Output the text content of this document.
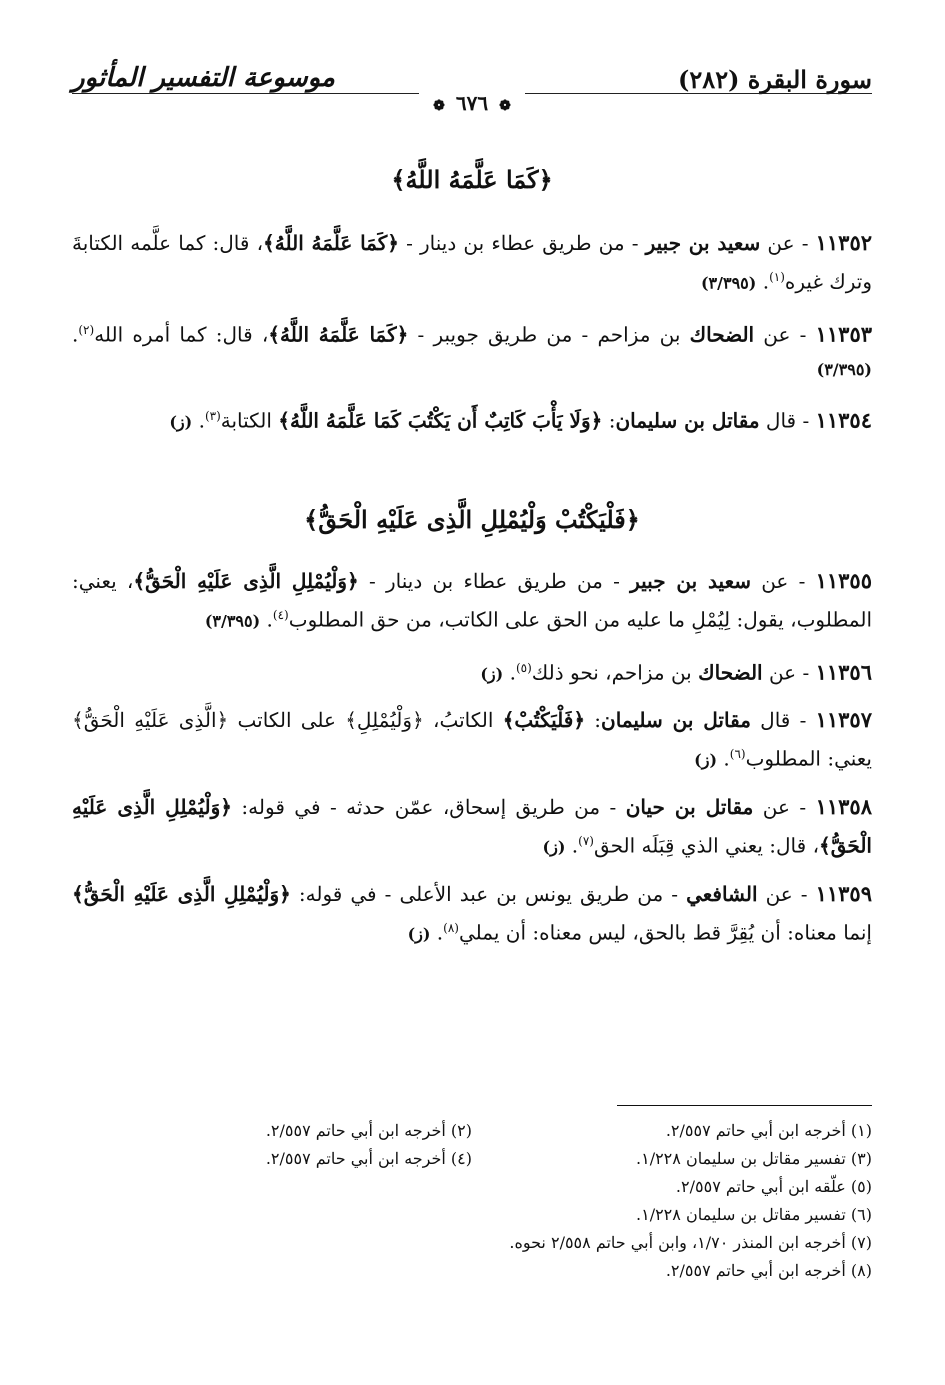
سورة البقرة (٢٨٢)
موسوعة التفسير المأثور
❁ ٦٧٦ ❁

﴿كَمَا عَلَّمَهُ اللَّهُ﴾

١١٣٥٢ - عن سعيد بن جبير - من طريق عطاء بن دينار - ﴿كَمَا عَلَّمَهُ اللَّهُ﴾، قال: كما علَّمه الكتابةَ وترك غيره$^{(١)}$. (٣/٣٩٥)

١١٣٥٣ - عن الضحاك بن مزاحم - من طريق جويبر - ﴿كَمَا عَلَّمَهُ اللَّهُ﴾، قال: كما أمره الله$^{(٢)}$. (٣/٣٩٥)

١١٣٥٤ - قال مقاتل بن سليمان: ﴿وَلَا يَأْبَ كَاتِبٌ أَن يَكْتُبَ كَمَا عَلَّمَهُ اللَّهُ﴾ الكتابة$^{(٣)}$. (ز)

﴿فَلْيَكْتُبْ وَلْيُمْلِلِ الَّذِى عَلَيْهِ الْحَقُّ﴾

١١٣٥٥ - عن سعيد بن جبير - من طريق عطاء بن دينار - ﴿وَلْيُمْلِلِ الَّذِى عَلَيْهِ الْحَقُّ﴾، يعني: المطلوب، يقول: لِيُمْلِ ما عليه من الحق على الكاتب، من حق المطلوب$^{(٤)}$. (٣/٣٩٥)

١١٣٥٦ - عن الضحاك بن مزاحم، نحو ذلك$^{(٥)}$. (ز)

١١٣٥٧ - قال مقاتل بن سليمان: ﴿فَلْيَكْتُبْ﴾ الكاتبُ، ﴿وَلْيُمْلِلِ﴾ على الكاتب ﴿الَّذِى عَلَيْهِ الْحَقُّ﴾ يعني: المطلوب$^{(٦)}$. (ز)

١١٣٥٨ - عن مقاتل بن حيان - من طريق إسحاق، عمّن حدثه - في قوله: ﴿وَلْيُمْلِلِ الَّذِى عَلَيْهِ الْحَقُّ﴾، قال: يعني الذي قِبَلَه الحق$^{(٧)}$. (ز)

١١٣٥٩ - عن الشافعي - من طريق يونس بن عبد الأعلى - في قوله: ﴿وَلْيُمْلِلِ الَّذِى عَلَيْهِ الْحَقُّ﴾ إنما معناه: أن يُقِرَّ قط بالحق، ليس معناه: أن يملي$^{(٨)}$. (ز)

(١) أخرجه ابن أبي حاتم ٢/٥٥٧.
(٢) أخرجه ابن أبي حاتم ٢/٥٥٧.
(٣) تفسير مقاتل بن سليمان ١/٢٢٨.
(٤) أخرجه ابن أبي حاتم ٢/٥٥٧.
(٥) علّقه ابن أبي حاتم ٢/٥٥٧.
(٦) تفسير مقاتل بن سليمان ١/٢٢٨.
(٧) أخرجه ابن المنذر ١/٧٠، وابن أبي حاتم ٢/٥٥٨ نحوه.
(٨) أخرجه ابن أبي حاتم ٢/٥٥٧.
